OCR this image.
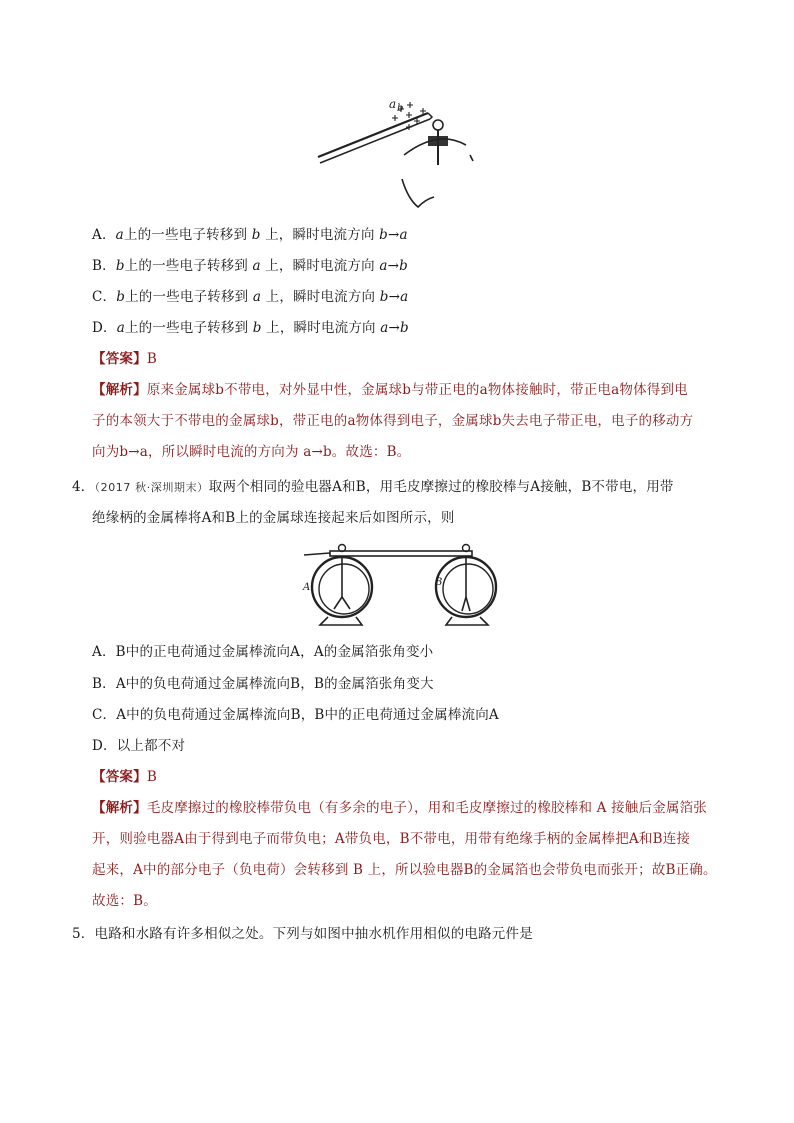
a b
A．a上的一些电子转移到 b 上，瞬时电流方向 b→a
B．b上的一些电子转移到 a 上，瞬时电流方向 a→b
C．b上的一些电子转移到 a 上，瞬时电流方向 b→a
D．a上的一些电子转移到 b 上，瞬时电流方向 a→b
【答案】B
【解析】原来金属球b不带电，对外显中性，金属球b与带正电的a物体接触时，带正电a物体得到电
子的本领大于不带电的金属球b，带正电的a物体得到电子，金属球b失去电子带正电，电子的移动方
向为b→a，所以瞬时电流的方向为 a→b。故选：B。
4．（2017 秋·深圳期末）取两个相同的验电器A和B，用毛皮摩擦过的橡胶棒与A接触，B不带电，用带
绝缘柄的金属棒将A和B上的金属球连接起来后如图所示，则
A	B
A．B中的正电荷通过金属棒流向A，A的金属箔张角变小
B．A中的负电荷通过金属棒流向B，B的金属箔张角变大
C．A中的负电荷通过金属棒流向B，B中的正电荷通过金属棒流向A
D．以上都不对
【答案】B
【解析】毛皮摩擦过的橡胶棒带负电（有多余的电子），用和毛皮摩擦过的橡胶棒和 A 接触后金属箔张
开，则验电器A由于得到电子而带负电；A带负电，B不带电，用带有绝缘手柄的金属棒把A和B连接
起来，A中的部分电子（负电荷）会转移到 B 上，所以验电器B的金属箔也会带负电而张开；故B正确。
故选：B。
5．电路和水路有许多相似之处。下列与如图中抽水机作用相似的电路元件是
